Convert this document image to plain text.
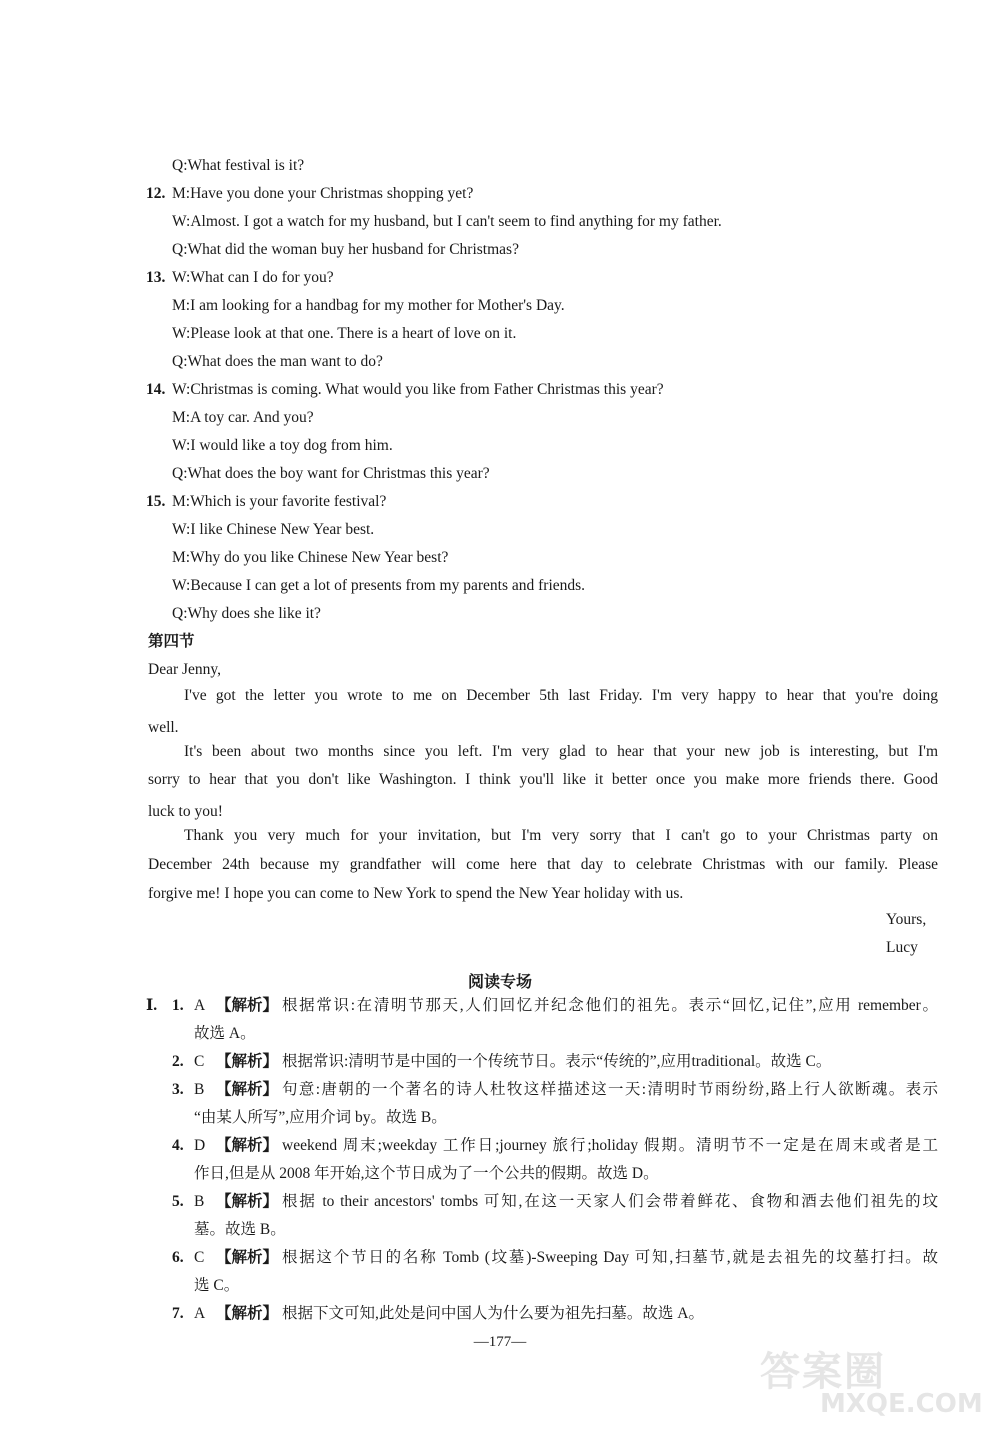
Q:What festival is it?
12. M:Have you done your Christmas shopping yet?
W:Almost. I got a watch for my husband, but I can't seem to find anything for my father.
Q:What did the woman buy her husband for Christmas?
13. W:What can I do for you?
M:I am looking for a handbag for my mother for Mother's Day.
W:Please look at that one. There is a heart of love on it.
Q:What does the man want to do?
14. W:Christmas is coming. What would you like from Father Christmas this year?
M:A toy car. And you?
W:I would like a toy dog from him.
Q:What does the boy want for Christmas this year?
15. M:Which is your favorite festival?
W:I like Chinese New Year best.
M:Why do you like Chinese New Year best?
W:Because I can get a lot of presents from my parents and friends.
Q:Why does she like it?
第四节
Dear Jenny,
I've got the letter you wrote to me on December 5th last Friday. I'm very happy to hear that you're doing
well.
It's been about two months since you left. I'm very glad to hear that your new job is interesting, but I'm
sorry to hear that you don't like Washington. I think you'll like it better once you make more friends there. Good
luck to you!
Thank you very much for your invitation, but I'm very sorry that I can't go to your Christmas party on
December 24th because my grandfather will come here that day to celebrate Christmas with our family. Please
forgive me! I hope you can come to New York to spend the New Year holiday with us.
Yours,
Lucy
阅读专场
Ⅰ. 1. A 【解析】 根据常识:在清明节那天,人们回忆并纪念他们的祖先。表示“回忆,记住”,应用 remember。
故选 A。
2. C 【解析】 根据常识:清明节是中国的一个传统节日。表示“传统的”,应用traditional。故选 C。
3. B 【解析】 句意:唐朝的一个著名的诗人杜牧这样描述这一天:清明时节雨纷纷,路上行人欲断魂。表示
“由某人所写”,应用介词 by。故选 B。
4. D 【解析】 weekend 周末;weekday 工作日;journey 旅行;holiday 假期。清明节不一定是在周末或者是工
作日,但是从 2008 年开始,这个节日成为了一个公共的假期。故选 D。
5. B 【解析】 根据 to their ancestors' tombs 可知,在这一天家人们会带着鲜花、食物和酒去他们祖先的坟
墓。故选 B。
6. C 【解析】 根据这个节日的名称 Tomb (坟墓)-Sweeping Day 可知,扫墓节,就是去祖先的坟墓打扫。故
选 C。
7. A 【解析】 根据下文可知,此处是问中国人为什么要为祖先扫墓。故选 A。
—177—
答案圈
MXQE.COM
